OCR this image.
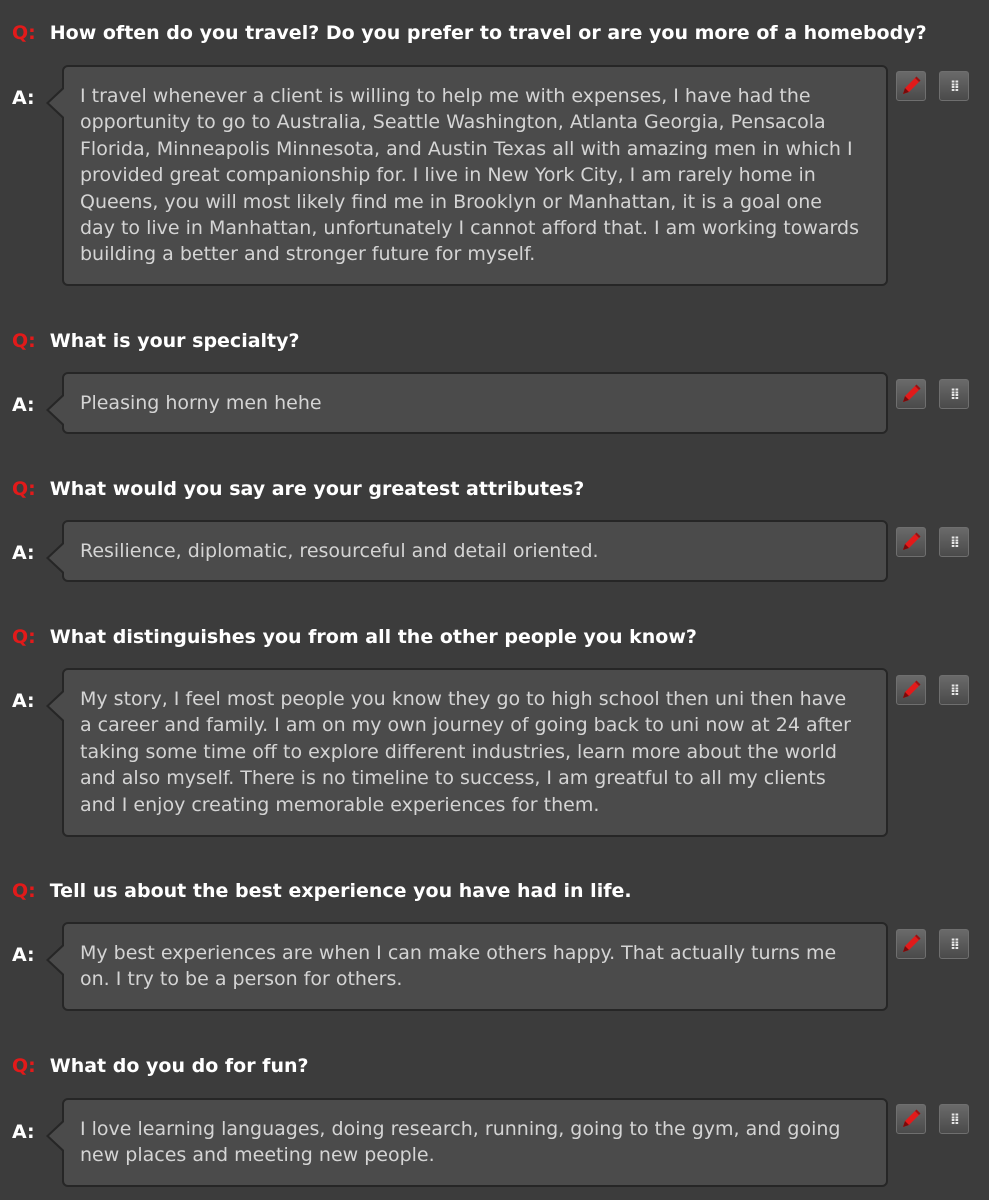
Q: How often do you travel? Do you prefer to travel or are you more of a homebody?
A: I travel whenever a client is willing to help me with expenses, I have had the opportunity to go to Australia, Seattle Washington, Atlanta Georgia, Pensacola Florida, Minneapolis Minnesota, and Austin Texas all with amazing men in which I provided great companionship for. I live in New York City, I am rarely home in Queens, you will most likely find me in Brooklyn or Manhattan, it is a goal one day to live in Manhattan, unfortunately I cannot afford that. I am working towards building a better and stronger future for myself.

⁞⁞
Q: What is your specialty?
A: Pleasing horny men hehe	⁞⁞
Q: What would you say are your greatest attributes?
A: Resilience, diplomatic, resourceful and detail oriented.	⁞⁞
Q: What distinguishes you from all the other people you know?
A: My story, I feel most people you know they go to high school then uni then have a career and family. I am on my own journey of going back to uni now at 24 after taking some time off to explore different industries, learn more about the world and also myself. There is no timeline to success, I am greatful to all my clients and I enjoy creating memorable experiences for them.

⁞⁞
Q: Tell us about the best experience you have had in life.
A: My best experiences are when I can make others happy. That actually turns me on. I try to be a person for others.

⁞⁞
Q: What do you do for fun?
A: I love learning languages, doing research, running, going to the gym, and going new places and meeting new people.

⁞⁞
